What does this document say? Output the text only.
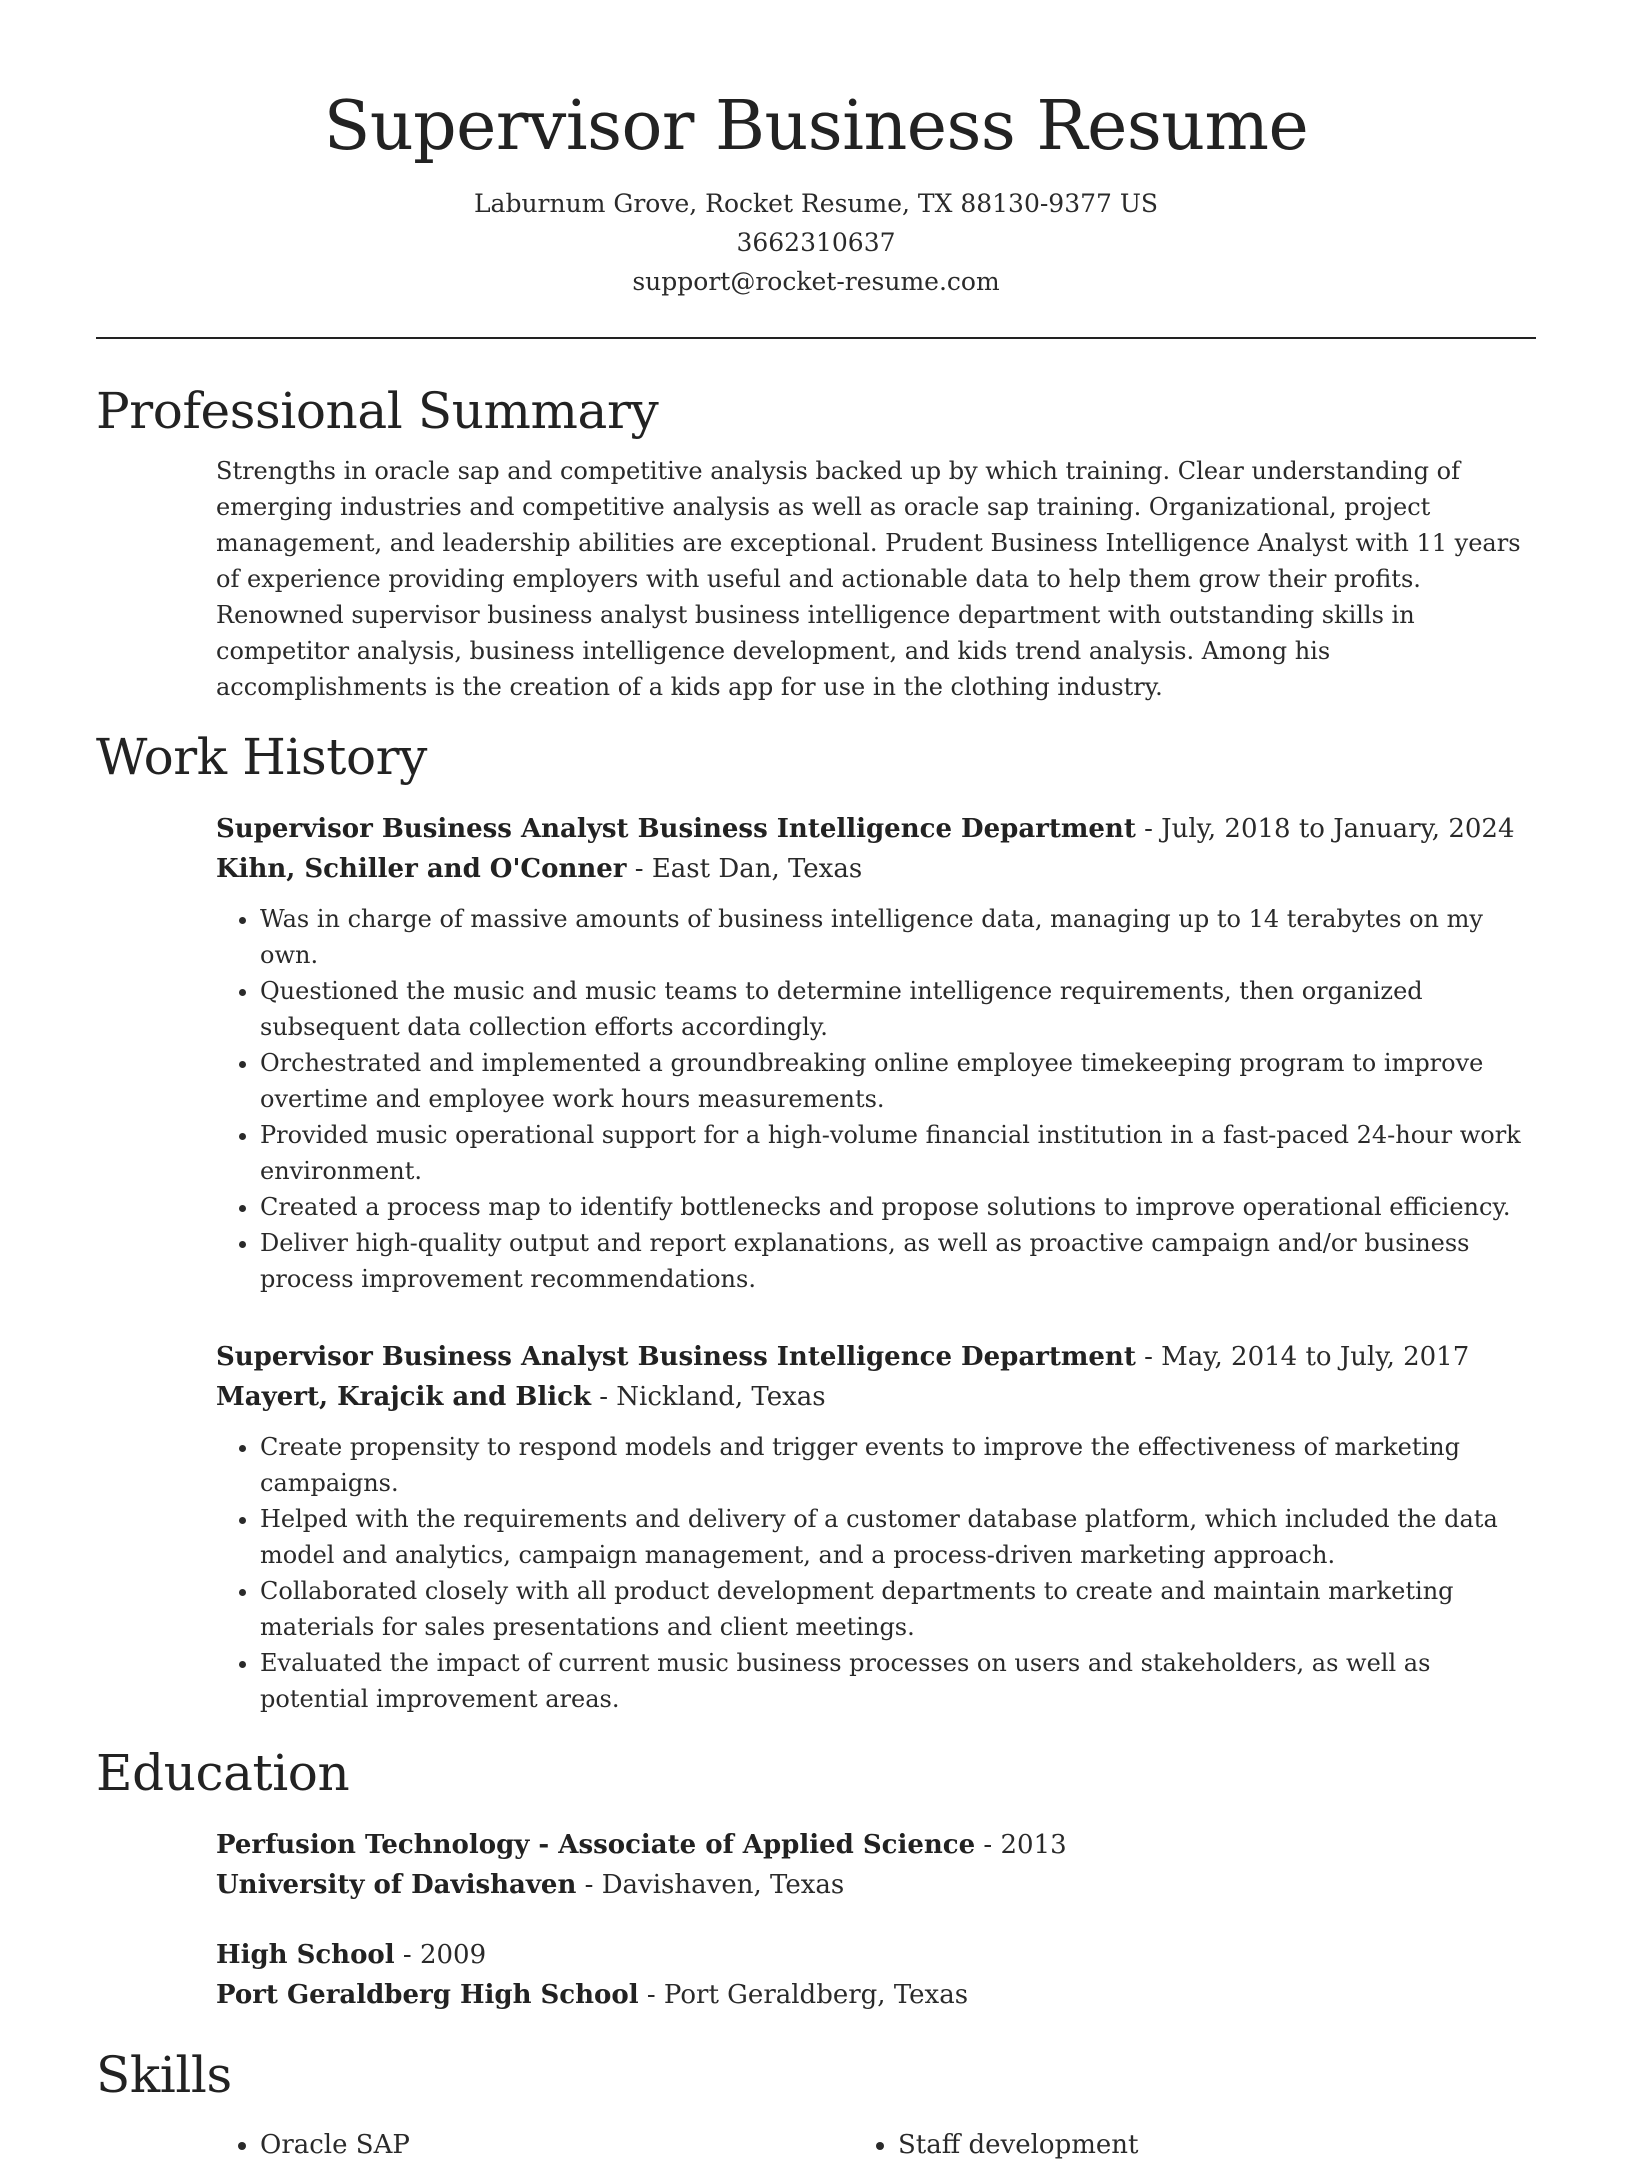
Supervisor Business Resume
Laburnum Grove, Rocket Resume, TX 88130-9377 US
3662310637
support@rocket-resume.com
Professional Summary

Strengths in oracle sap and competitive analysis backed up by which training. Clear understanding of emerging industries and competitive analysis as well as oracle sap training. Organizational, project management, and leadership abilities are exceptional. Prudent Business Intelligence Analyst with 11 years of experience providing employers with useful and actionable data to help them grow their profits. Renowned supervisor business analyst business intelligence department with outstanding skills in competitor analysis, business intelligence development, and kids trend analysis. Among his accomplishments is the creation of a kids app for use in the clothing industry.

Work History
Supervisor Business Analyst Business Intelligence Department - July, 2018 to January, 2024
Kihn, Schiller and O'Conner - East Dan, Texas
• Was in charge of massive amounts of business intelligence data, managing up to 14 terabytes on my own.
• Questioned the music and music teams to determine intelligence requirements, then organized subsequent data collection efforts accordingly.
• Orchestrated and implemented a groundbreaking online employee timekeeping program to improve overtime and employee work hours measurements.
• Provided music operational support for a high-volume financial institution in a fast-paced 24-hour work environment.
• Created a process map to identify bottlenecks and propose solutions to improve operational efficiency.
• Deliver high-quality output and report explanations, as well as proactive campaign and/or business process improvement recommendations.
Supervisor Business Analyst Business Intelligence Department - May, 2014 to July, 2017
Mayert, Krajcik and Blick - Nickland, Texas
• Create propensity to respond models and trigger events to improve the effectiveness of marketing campaigns.
• Helped with the requirements and delivery of a customer database platform, which included the data model and analytics, campaign management, and a process-driven marketing approach.
• Collaborated closely with all product development departments to create and maintain marketing materials for sales presentations and client meetings.
• Evaluated the impact of current music business processes on users and stakeholders, as well as potential improvement areas.
Education
Perfusion Technology - Associate of Applied Science - 2013
University of Davishaven - Davishaven, Texas
High School - 2009
Port Geraldberg High School - Port Geraldberg, Texas
Skills
• Oracle SAP
•	Staff development
